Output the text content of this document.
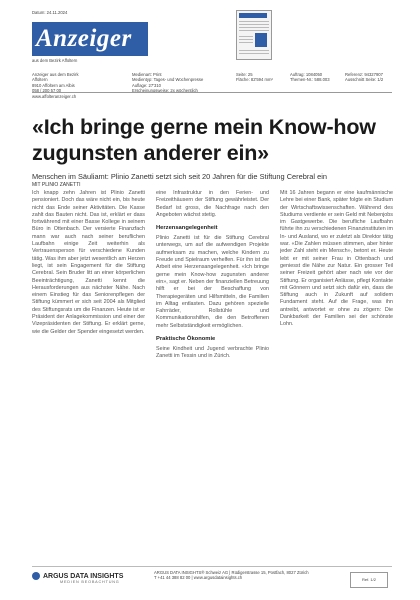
Datum: 24.11.2024
Anzeiger
aus dem Bezirk Affoltern
Anzeiger aus dem Bezirk Affoltern
8910 Affoltern am Albis
058 / 200 57 00
www.affolteranzeiger.ch
Medienart: Print
Medientyp: Tages- und Wochenpresse
Auflage: 27'310
Erscheinungsweise: 2x wöchentlich
Seite: 25
Fläche: 82'594 mm²
Auftrag: 1084050
Themen-Nr.: 588.003
Referenz: 94327907
Ausschnitt Seite: 1/2
«Ich bringe gerne mein Know-how zugunsten anderer ein»
Menschen im Säuliamt: Plinio Zanetti setzt sich seit 20 Jahren für die Stiftung Cerebral ein
MIT PLINIO ZANETTI

Ich knapp zehn Jahren ist Plinio Zanetti pensioniert. Doch das wäre nicht ein, bis heute nicht das Ende seiner Aktivitäten. Die Kasse zahlt das Bauten nicht. Das ist, erklärt er dass fortwährend mit einer Basse Kollege in seinem Büro in Ottenbach. Der versierte Finanzfach mann war auch nach seiner beruflichen Laufbahn einige Zeit weiterhin als Vertrauensperson für verschiedene Kunden tätig. Was ihm aber jetzt wesentlich am Herzen liegt, ist sein Engagement für die Stiftung Cerebral. Sein Bruder litt an einer körperlichen Beeinträchtigung, Zanetti kennt die Herausforderungen aus nächster Nähe. Nach einem Einstieg für das Seniorenpflegen der Stiftung kümmert er sich seit 2004 als Mitglied des Stiftungsrats um die Finanzen. Heute ist er Präsident der Anlagekommission und einer der Vizepräsidenten der Stiftung. Er erklärt gerne, wie die Gelder der Spender eingesetzt werden.

eine Infrastruktur in den Ferien- und Freizeithäusern der Stiftung gewährleistet. Der Bedarf ist gross, die Nachfrage nach den Angeboten wächst stetig.

Herzensangelegenheit

Plinio Zanetti ist für die Stiftung Cerebral unterwegs, um auf die aufwendigen Projekte aufmerksam zu machen, welche Kindern zu Freude und Spielraum verhelfen. Für ihn ist die Arbeit eine Herzensangelegenheit. «Ich bringe gerne mein Know-how zugunsten anderer ein», sagt er. Neben der finanziellen Betreuung hilft er bei der Beschaffung von Therapiegeräten und Hilfsmitteln, die Familien im Alltag entlasten. Dazu gehören spezielle Fahrräder, Rollstühle und Kommunikationshilfen, die den Betroffenen mehr Selbstständigkeit ermöglichen.

Praktische Ökonomie

Seine Kindheit und Jugend verbrachte Plinio Zanetti im Tessin und in Zürich.

Mit 16 Jahren begann er eine kaufmännische Lehre bei einer Bank, später folgte ein Studium der Wirtschaftswissenschaften. Während des Studiums verdiente er sein Geld mit Nebenjobs im Gastgewerbe. Die berufliche Laufbahn führte ihn zu verschiedenen Finanzinstituten im In- und Ausland, wo er zuletzt als Direktor tätig war. «Die Zahlen müssen stimmen, aber hinter jeder Zahl steht ein Mensch», betont er. Heute lebt er mit seiner Frau in Ottenbach und geniesst die Nähe zur Natur. Ein grosser Teil seiner Freizeit gehört aber nach wie vor der Stiftung. Er organisiert Anlässe, pflegt Kontakte mit Gönnern und setzt sich dafür ein, dass die Stiftung auch in Zukunft auf solidem Fundament steht. Auf die Frage, was ihn antreibt, antwortet er ohne zu zögern: Die Dankbarkeit der Familien sei der schönste Lohn.

ARGUS DATA INSIGHTS
MEDIEN BEOBACHTUNG
ARGUS DATA INSIGHTS® Schweiz AG | Rüdigerstrasse 15, Postfach, 8027 Zürich
T +41 44 388 82 00 | www.argusdatainsights.ch	Ref. 1/2
